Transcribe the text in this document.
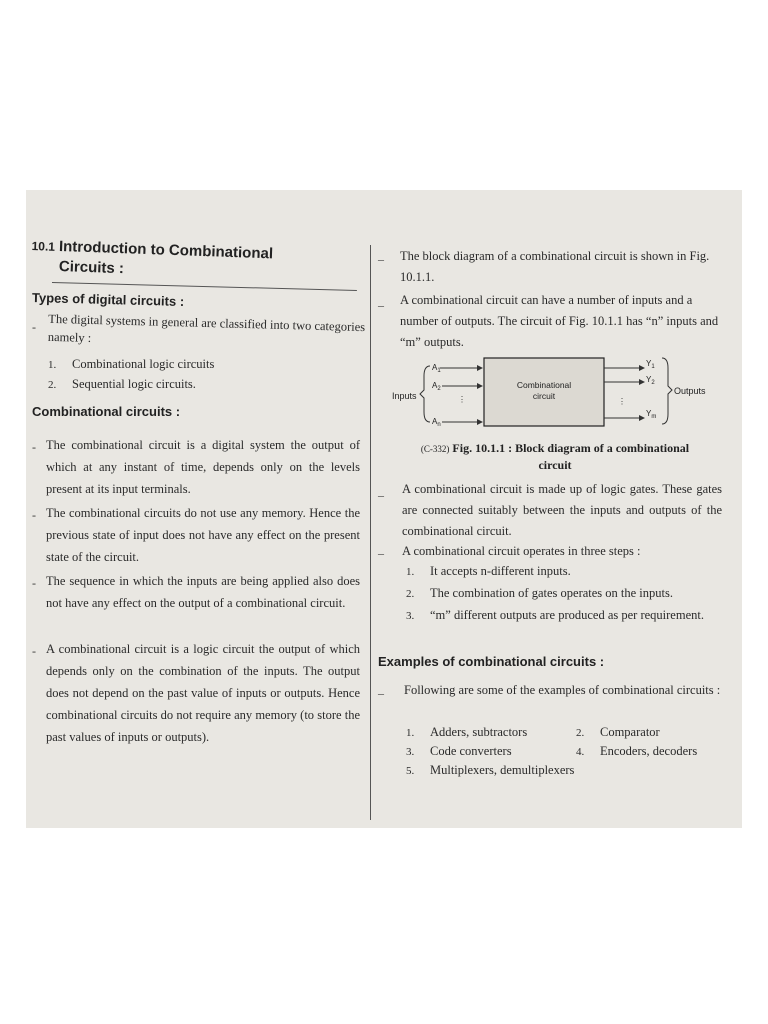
10.1 Introduction to Combinational
Circuits :
Types of digital circuits :
- The digital systems in general are classified into two categories namely :
1. Combinational logic circuits
2. Sequential logic circuits.
Combinational circuits :
- The combinational circuit is a digital system the output of which at any instant of time, depends only on the levels present at its input terminals.
- The combinational circuits do not use any memory. Hence the previous state of input does not have any effect on the present state of the circuit.
- The sequence in which the inputs are being applied also does not have any effect on the output of a combinational circuit.
- A combinational circuit is a logic circuit the output of which depends only on the combination of the inputs. The output does not depend on the past value of inputs or outputs. Hence combinational circuits do not require any memory (to store the past values of inputs or outputs).
– The block diagram of a combinational circuit is shown in Fig. 10.1.1.
– A combinational circuit can have a number of inputs and a number of outputs. The circuit of Fig. 10.1.1 has “n” inputs and “m” outputs.
Inputs
$A_1$
$A_2$
$A_n$
⋮
Combinational
circuit
⋮
$Y_1$
$Y_2$
$Y_m$
Outputs
(C-332) Fig. 10.1.1 : Block diagram of a combinational
circuit
– A combinational circuit is made up of logic gates. These gates are connected suitably between the inputs and outputs of the combinational circuit.
– A combinational circuit operates in three steps :
1. It accepts n-different inputs.
2. The combination of gates operates on the inputs.
3. “m” different outputs are produced as per requirement.
Examples of combinational circuits :
– Following are some of the examples of combinational circuits :
1. Adders, subtractors	2. Comparator
3. Code converters	4. Encoders, decoders
5. Multiplexers, demultiplexers
